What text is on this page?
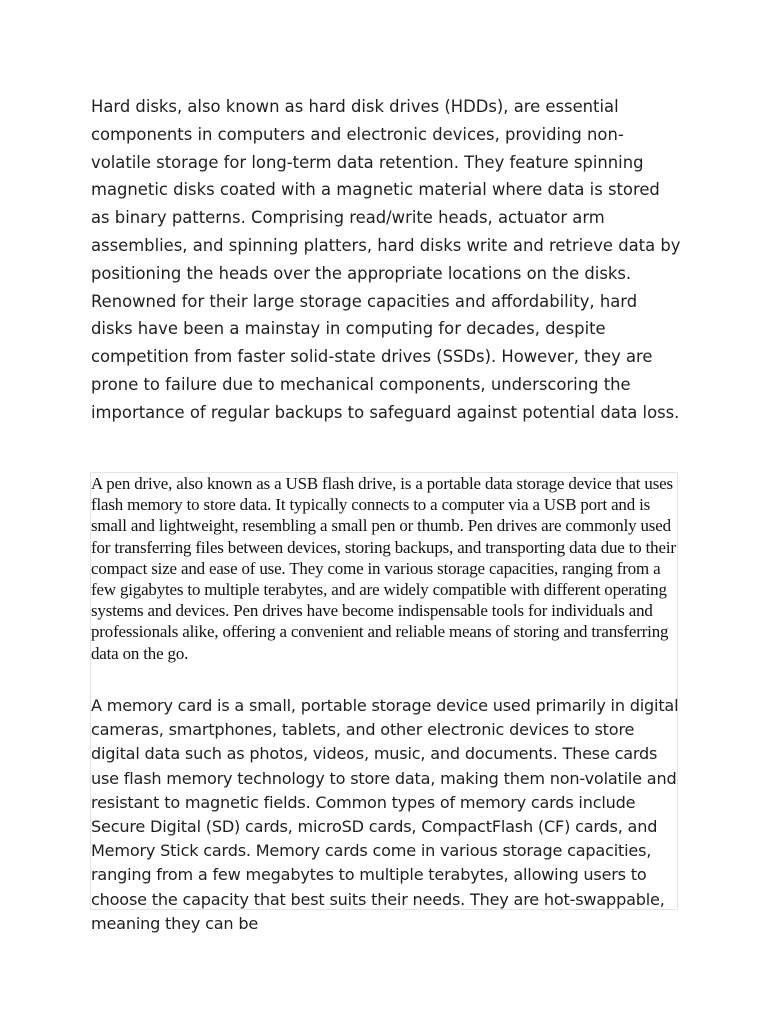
Hard disks, also known as hard disk drives (HDDs), are essential components in computers and electronic devices, providing non-volatile storage for long-term data retention. They feature spinning magnetic disks coated with a magnetic material where data is stored as binary patterns. Comprising read/write heads, actuator arm assemblies, and spinning platters, hard disks write and retrieve data by positioning the heads over the appropriate locations on the disks. Renowned for their large storage capacities and affordability, hard disks have been a mainstay in computing for decades, despite competition from faster solid-state drives (SSDs). However, they are prone to failure due to mechanical components, underscoring the importance of regular backups to safeguard against potential data loss.

A pen drive, also known as a USB flash drive, is a portable data storage device that uses flash memory to store data. It typically connects to a computer via a USB port and is small and lightweight, resembling a small pen or thumb. Pen drives are commonly used for transferring files between devices, storing backups, and transporting data due to their compact size and ease of use. They come in various storage capacities, ranging from a few gigabytes to multiple terabytes, and are widely compatible with different operating systems and devices. Pen drives have become indispensable tools for individuals and professionals alike, offering a convenient and reliable means of storing and transferring data on the go.

A memory card is a small, portable storage device used primarily in digital cameras, smartphones, tablets, and other electronic devices to store digital data such as photos, videos, music, and documents. These cards use flash memory technology to store data, making them non-volatile and resistant to magnetic fields. Common types of memory cards include Secure Digital (SD) cards, microSD cards, CompactFlash (CF) cards, and Memory Stick cards. Memory cards come in various storage capacities, ranging from a few megabytes to multiple terabytes, allowing users to choose the capacity that best suits their needs. They are hot-swappable, meaning they can be
